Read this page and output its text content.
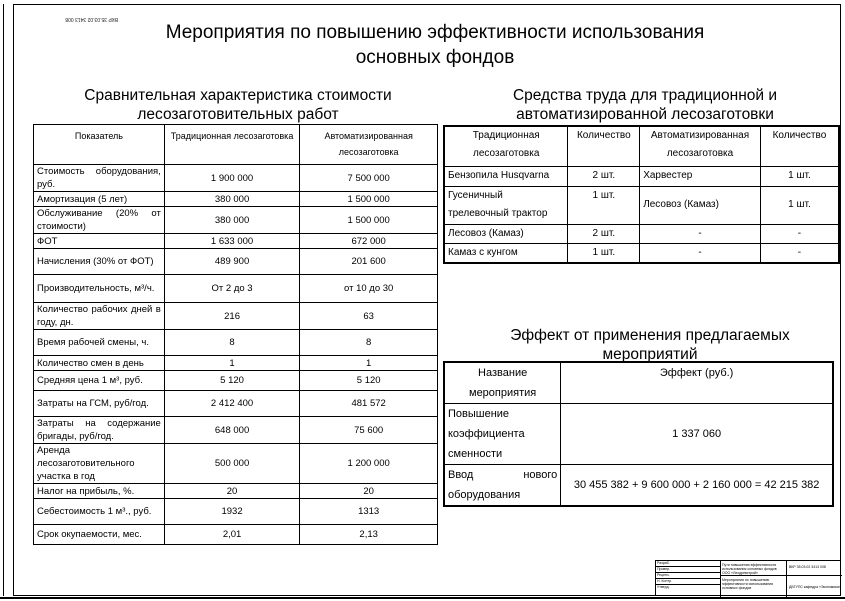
ВКР 35.03.02 3413 008
Мероприятия по повышению эффективности использования
основных фондов
Сравнительная характеристика стоимости
лесозаготовительных работ
Показатель	Традиционная лесозаготовка	Автоматизированная лесозаготовка
Стоимость оборудования, руб.	1 900 000	7 500 000
Амортизация (5 лет)	380 000	1 500 000
Обслуживание (20% от стоимости)	380 000	1 500 000
ФОТ	1 633 000	672 000
Начисления (30% от ФОТ)	489 900	201 600
Производительность, м³/ч.	От 2 до 3	от 10 до 30
Количество рабочих дней в году, дн.	216	63
Время рабочей смены, ч.	8	8
Количество смен в день	1	1
Средняя цена 1 м³, руб.	5 120	5 120
Затраты на ГСМ, руб/год.	2 412 400	481 572
Затраты на содержание бригады, руб/год.	648 000	75 600
Аренда лесозаготовительного участка в год	500 000	1 200 000
Налог на прибыль, %.	20	20
Себестоимость 1 м³., руб.	1932	1313
Срок окупаемости, мес.	2,01	2,13
Средства труда для традиционной и
автоматизированной лесозаготовки
Традиционная лесозаготовка	Количество	Автоматизированная лесозаготовка	Количество
Бензопила Husqvarna	2 шт.	Харвестер	1 шт.
Гусеничный трелевочный трактор	1 шт.	Лесовоз (Камаз)	1 шт.
Лесовоз (Камаз)	2 шт.	-	-
Камаз с кунгом	1 шт.	-	-
Эффект от применения предлагаемых
мероприятий
Название мероприятия	Эффект (руб.)
Повышение коэффициента сменности	1 337 060
Ввод нового оборудования	30 455 382 + 9 600 000 + 2 160 000 = 42 215 382
Разраб.
Провер.
Реценз.
Н. Контр.
Утверд.
Пути повышения эффективности использования основных фондов ООО «Лесдревстрой»
ВКР 35.03.02 3413 008
Мероприятия по повышению эффективности использования основных фондов	ДВГУПС кафедра «Экономика»
